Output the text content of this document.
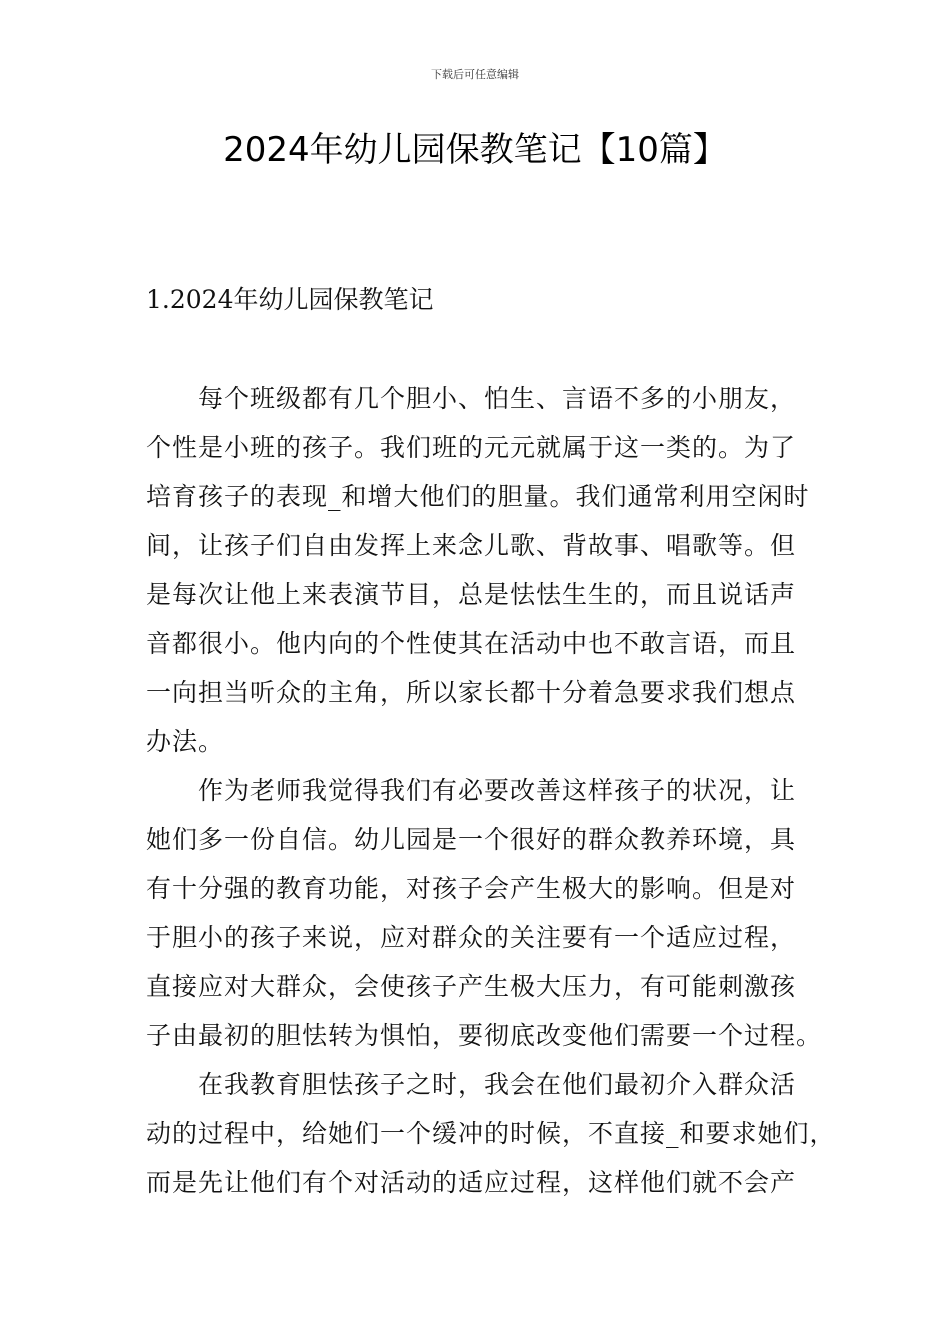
下载后可任意编辑
2024年幼儿园保教笔记【10篇】
1.2024年幼儿园保教笔记
每个班级都有几个胆小、怕生、言语不多的小朋友，
个性是小班的孩子。我们班的元元就属于这一类的。为了
培育孩子的表现_和增大他们的胆量。我们通常利用空闲时
间，让孩子们自由发挥上来念儿歌、背故事、唱歌等。但
是每次让他上来表演节目，总是怯怯生生的，而且说话声
音都很小。他内向的个性使其在活动中也不敢言语，而且
一向担当听众的主角，所以家长都十分着急要求我们想点
办法。
作为老师我觉得我们有必要改善这样孩子的状况，让
她们多一份自信。幼儿园是一个很好的群众教养环境，具
有十分强的教育功能，对孩子会产生极大的影响。但是对
于胆小的孩子来说，应对群众的关注要有一个适应过程，
直接应对大群众，会使孩子产生极大压力，有可能刺激孩
子由最初的胆怯转为惧怕，要彻底改变他们需要一个过程。
在我教育胆怯孩子之时，我会在他们最初介入群众活
动的过程中，给她们一个缓冲的时候，不直接_和要求她们，
而是先让他们有个对活动的适应过程，这样他们就不会产
